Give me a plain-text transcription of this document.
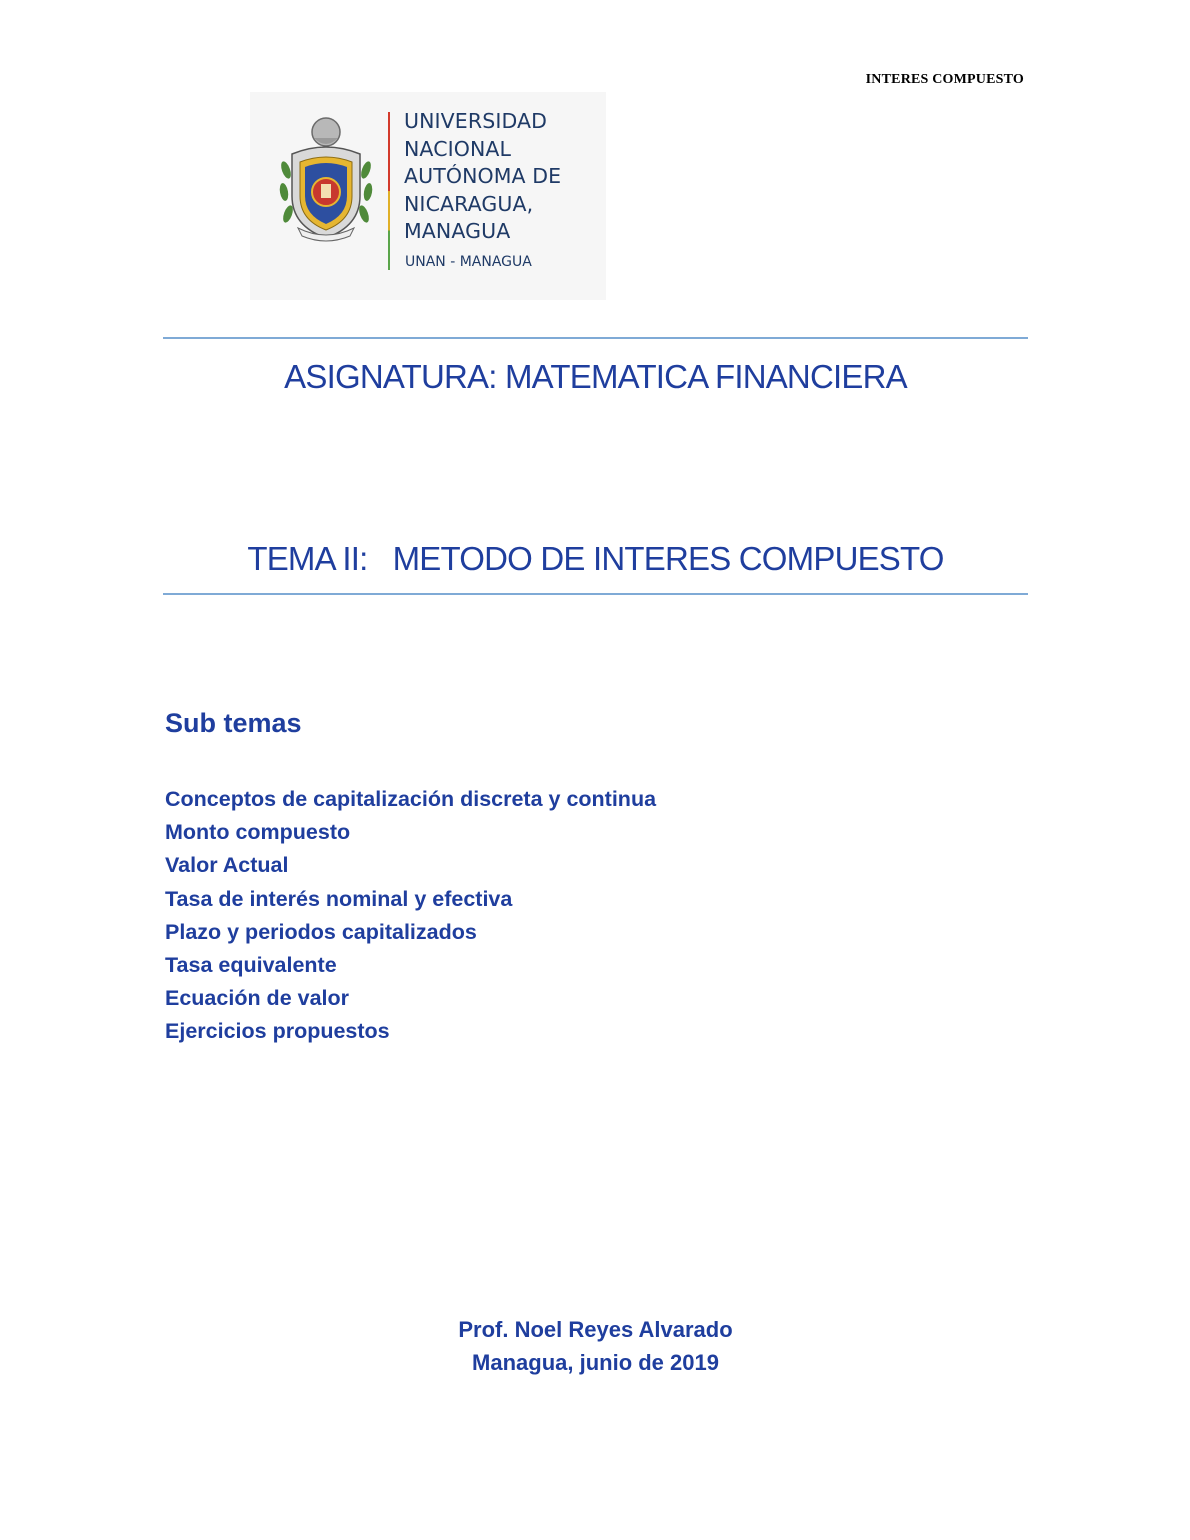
INTERES COMPUESTO
UNIVERSIDAD
NACIONAL
AUTÓNOMA DE
NICARAGUA,
MANAGUA
UNAN - MANAGUA
ASIGNATURA: MATEMATICA FINANCIERA
TEMA II:   METODO DE INTERES COMPUESTO
Sub temas
Conceptos de capitalización discreta y continua
Monto compuesto
Valor Actual
Tasa de interés nominal y efectiva
Plazo y periodos capitalizados
Tasa equivalente
Ecuación de valor
Ejercicios propuestos
Prof. Noel Reyes Alvarado
Managua, junio de 2019
